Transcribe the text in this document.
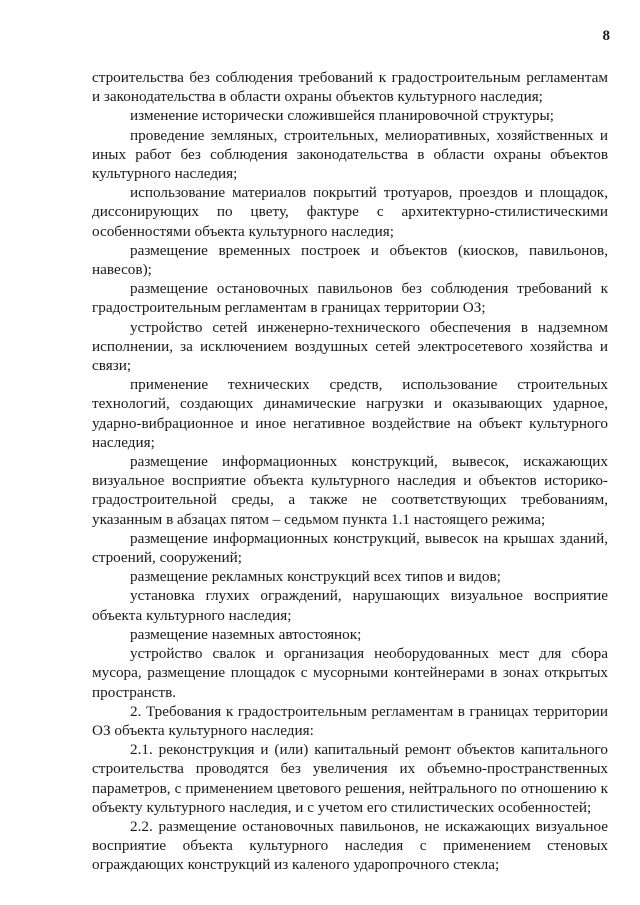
8

строительства без соблюдения требований к градостроительным регламентам и законодательства в области охраны объектов культурного наследия;

изменение исторически сложившейся планировочной структуры;

проведение земляных, строительных, мелиоративных, хозяйственных и иных работ без соблюдения законодательства в области охраны объектов культурного наследия;

использование материалов покрытий тротуаров, проездов и площадок, диссонирующих по цвету, фактуре с архитектурно-стилистическими особенностями объекта культурного наследия;

размещение временных построек и объектов (киосков, павильонов, навесов);

размещение остановочных павильонов без соблюдения требований к градостроительным регламентам в границах территории ОЗ;

устройство сетей инженерно-технического обеспечения в надземном исполнении, за исключением воздушных сетей электросетевого хозяйства и связи;

применение технических средств, использование строительных технологий, создающих динамические нагрузки и оказывающих ударное, ударно-вибрационное и иное негативное воздействие на объект культурного наследия;

размещение информационных конструкций, вывесок, искажающих визуальное восприятие объекта культурного наследия и объектов историко-градостроительной среды, а также не соответствующих требованиям, указанным в абзацах пятом – седьмом пункта 1.1 настоящего режима;

размещение информационных конструкций, вывесок на крышах зданий, строений, сооружений;

размещение рекламных конструкций всех типов и видов;

установка глухих ограждений, нарушающих визуальное восприятие объекта культурного наследия;

размещение наземных автостоянок;

устройство свалок и организация необорудованных мест для сбора мусора, размещение площадок с мусорными контейнерами в зонах открытых пространств.

2. Требования к градостроительным регламентам в границах территории ОЗ объекта культурного наследия:

2.1. реконструкция и (или) капитальный ремонт объектов капитального строительства проводятся без увеличения их объемно-пространственных параметров, с применением цветового решения, нейтрального по отношению к объекту культурного наследия, и с учетом его стилистических особенностей;

2.2. размещение остановочных павильонов, не искажающих визуальное восприятие объекта культурного наследия с применением стеновых ограждающих конструкций из каленого ударопрочного стекла;
